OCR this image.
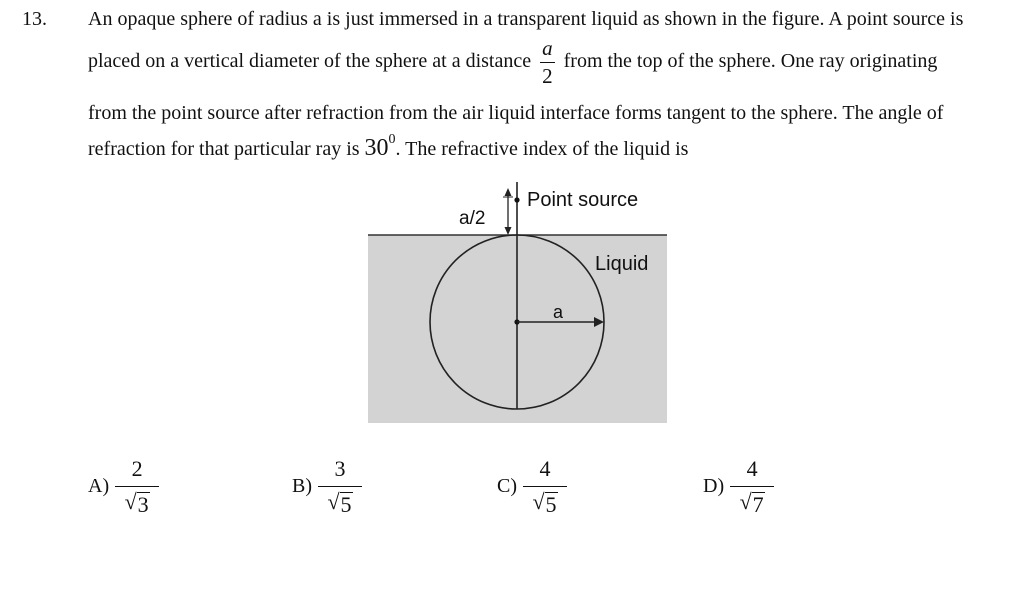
13. An opaque sphere of radius a is just immersed in a transparent liquid as shown in the figure. A point source is
placed on a vertical diameter of the sphere at a distance $\frac{a}{2}$ from the top of the sphere. One ray originating
from the point source after refraction from the air liquid interface forms tangent to the sphere. The angle of
refraction for that particular ray is $30^0$. The refractive index of the liquid is
Point source
a/2
Liquid
a
$A) \frac{2}{√ 3}$	$B) \frac{3}{√ 5}$	$C) \frac{4}{√ 5}$	$D) \frac{4}{√ 7}$
